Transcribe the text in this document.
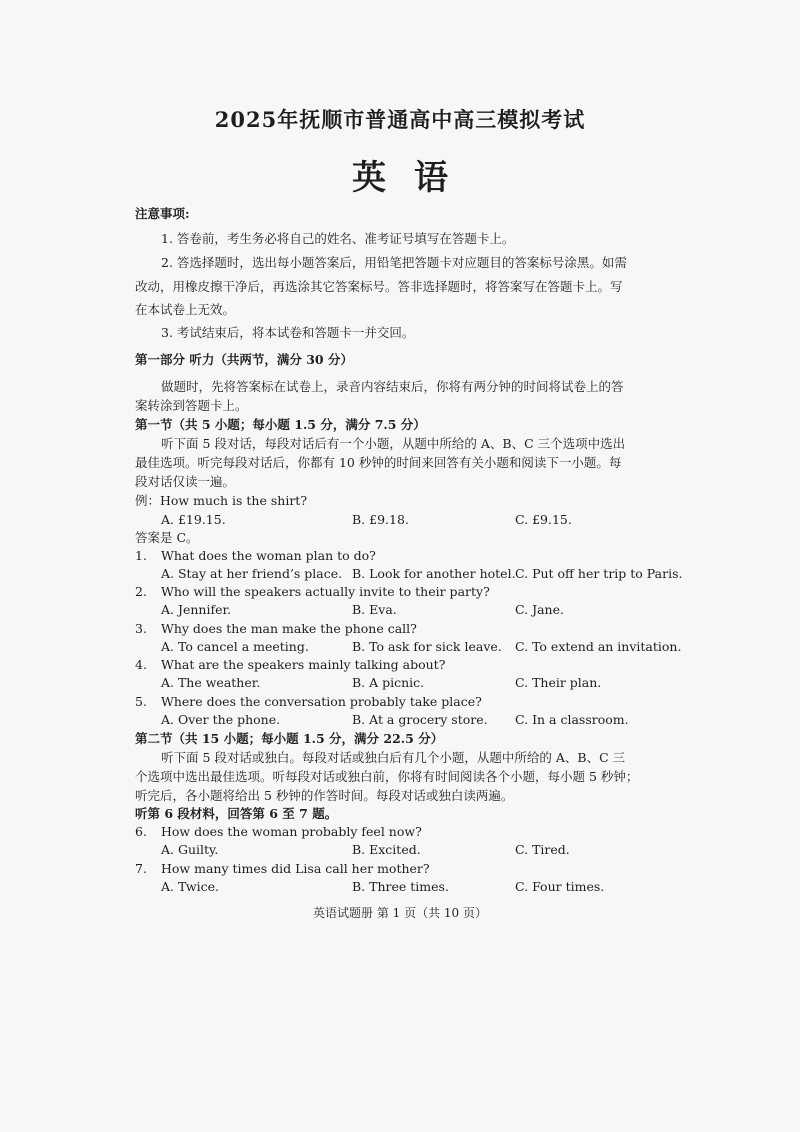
2025年抚顺市普通高中高三模拟考试
英语
注意事项:
1. 答卷前，考生务必将自己的姓名、准考证号填写在答题卡上。
2. 答选择题时，选出每小题答案后，用铅笔把答题卡对应题目的答案标号涂黑。如需
改动，用橡皮擦干净后，再选涂其它答案标号。答非选择题时，将答案写在答题卡上。写
在本试卷上无效。
3. 考试结束后，将本试卷和答题卡一并交回。
第一部分 听力（共两节，满分 30 分）
做题时，先将答案标在试卷上，录音内容结束后，你将有两分钟的时间将试卷上的答
案转涂到答题卡上。
第一节（共 5 小题；每小题 1.5 分，满分 7.5 分）
听下面 5 段对话，每段对话后有一个小题，从题中所给的 A、B、C 三个选项中选出
最佳选项。听完每段对话后，你都有 10 秒钟的时间来回答有关小题和阅读下一小题。每
段对话仅读一遍。
例：How much is the shirt?
A. £19.15.	B. £9.18.	C. £9.15.
答案是 C。
1. What does the woman plan to do?
A. Stay at her friend’s place. B. Look for another hotel. C. Put off her trip to Paris.
2. Who will the speakers actually invite to their party?
A. Jennifer.	B. Eva.	C. Jane.
3. Why does the man make the phone call?
A. To cancel a meeting.	B. To ask for sick leave. C. To extend an invitation.
4. What are the speakers mainly talking about?
A. The weather.	B. A picnic.	C. Their plan.
5. Where does the conversation probably take place?
A. Over the phone.	B. At a grocery store. C. In a classroom.
第二节（共 15 小题；每小题 1.5 分，满分 22.5 分）
听下面 5 段对话或独白。每段对话或独白后有几个小题，从题中所给的 A、B、C 三
个选项中选出最佳选项。听每段对话或独白前，你将有时间阅读各个小题，每小题 5 秒钟；
听完后，各小题将给出 5 秒钟的作答时间。每段对话或独白读两遍。
听第 6 段材料，回答第 6 至 7 题。
6. How does the woman probably feel now?
A. Guilty.	B. Excited.	C. Tired.
7. How many times did Lisa call her mother?
A. Twice.	B. Three times.	C. Four times.
英语试题册 第 1 页（共 10 页）
